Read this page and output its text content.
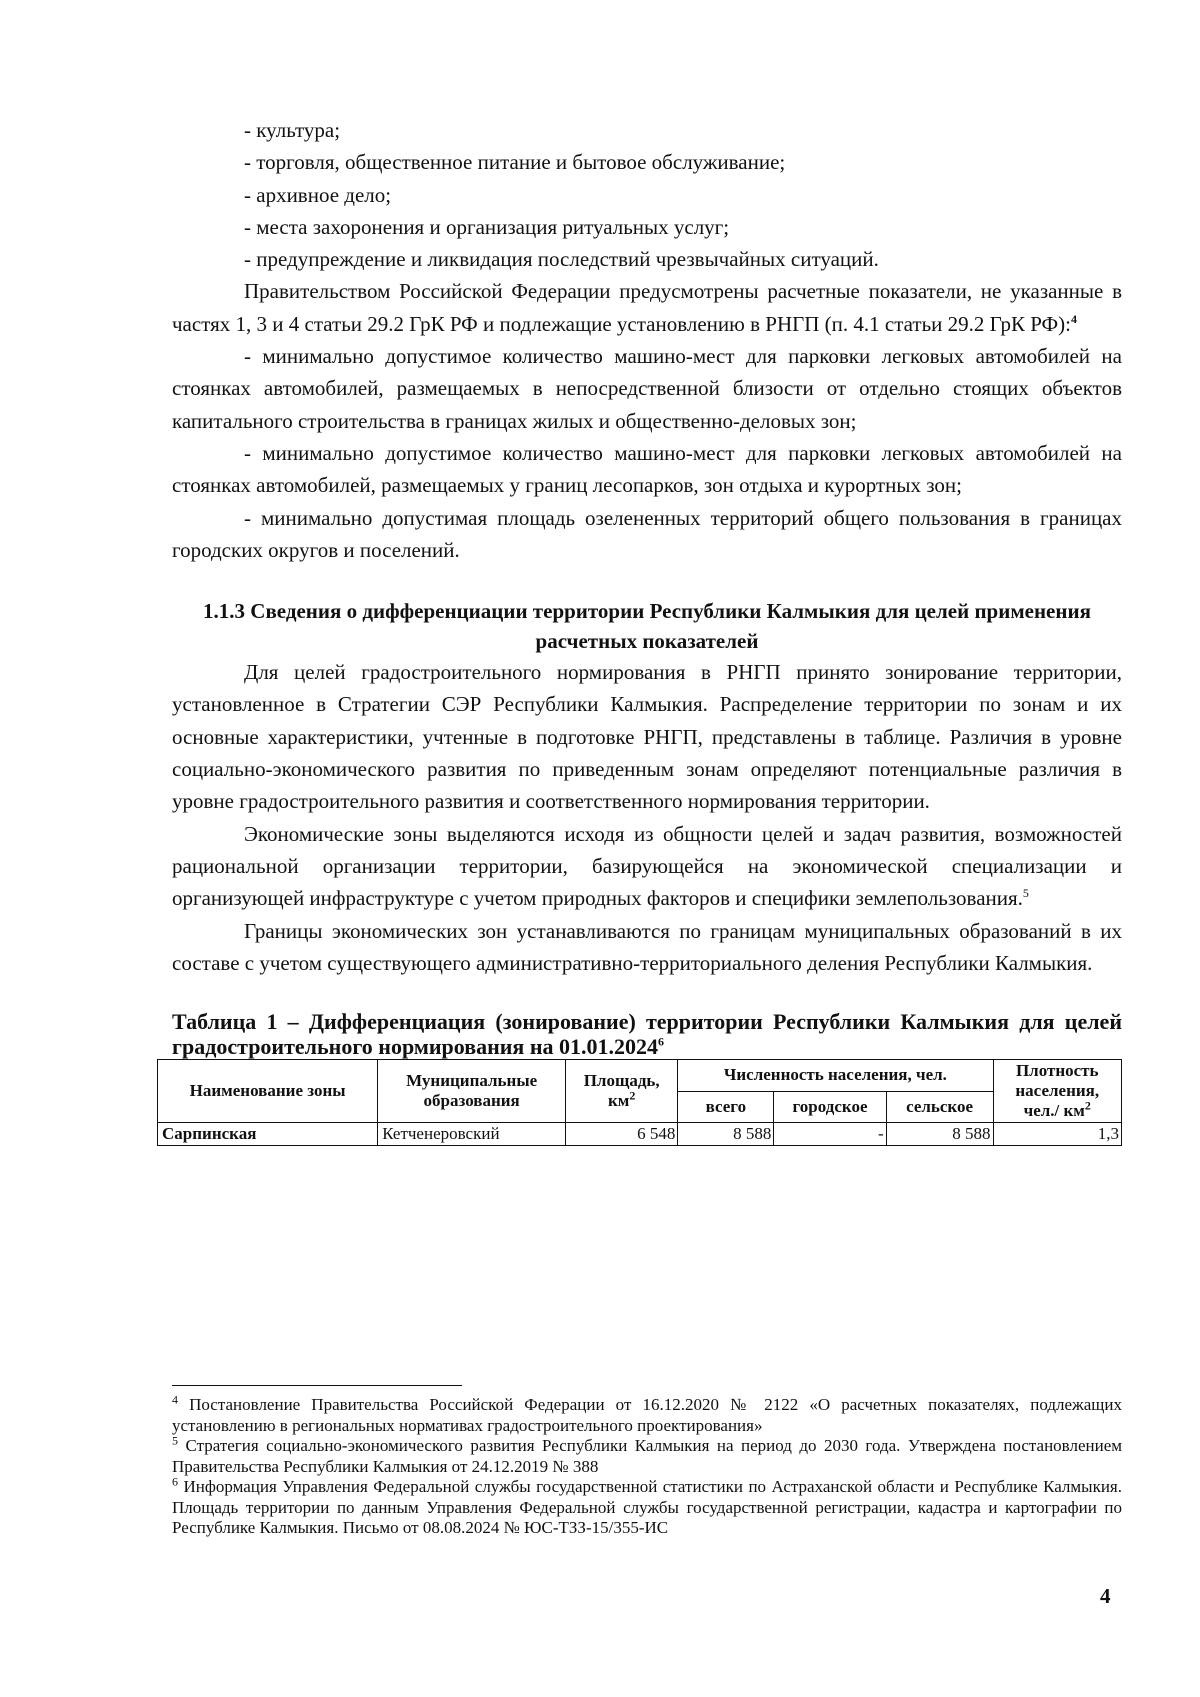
- культура;

- торговля, общественное питание и бытовое обслуживание;

- архивное дело;

- места захоронения и организация ритуальных услуг;

- предупреждение и ликвидация последствий чрезвычайных ситуаций.

Правительством Российской Федерации предусмотрены расчетные показатели, не указанные в частях 1, 3 и 4 статьи 29.2 ГрК РФ и подлежащие установлению в РНГП (п. 4.1 статьи 29.2 ГрК РФ):$^4$

- минимально допустимое количество машино-мест для парковки легковых автомобилей на стоянках автомобилей, размещаемых в непосредственной близости от отдельно стоящих объектов капитального строительства в границах жилых и общественно-деловых зон;

- минимально допустимое количество машино-мест для парковки легковых автомобилей на стоянках автомобилей, размещаемых у границ лесопарков, зон отдыха и курортных зон;

- минимально допустимая площадь озелененных территорий общего пользования в границах городских округов и поселений.

1.1.3 Сведения о дифференциации территории Республики Калмыкия для целей применения расчетных показателей

Для целей градостроительного нормирования в РНГП принято зонирование территории, установленное в Стратегии СЭР Республики Калмыкия. Распределение территории по зонам и их основные характеристики, учтенные в подготовке РНГП, представлены в таблице. Различия в уровне социально-экономического развития по приведенным зонам определяют потенциальные различия в уровне градостроительного развития и соответственного нормирования территории.

Экономические зоны выделяются исходя из общности целей и задач развития, возможностей рациональной организации территории, базирующейся на экономической специализации и организующей инфраструктуре с учетом природных факторов и специфики землепользования.$^5$

Границы экономических зон устанавливаются по границам муниципальных образований в их составе с учетом существующего административно-территориального деления Республики Калмыкия.

Таблица 1 – Дифференциация (зонирование) территории Республики Калмыкия для целей градостроительного нормирования на 01.01.2024$^6$

Наименование зоны	Муниципальные образования	Площадь, $км^2$	Численность населения, чел.			Плотность населения, чел./ $км^2$
			всего	городское	сельское	
Сарпинская	Кетченеровский	6 548	8 588	-	8 588	1,3

$^4$ Постановление Правительства Российской Федерации от 16.12.2020 № 2122 «О расчетных показателях, подлежащих установлению в региональных нормативах градостроительного проектирования»

$^5$ Стратегия социально-экономического развития Республики Калмыкия на период до 2030 года. Утверждена постановлением Правительства Республики Калмыкия от 24.12.2019 № 388

$^6$ Информация Управления Федеральной службы государственной статистики по Астраханской области и Республике Калмыкия. Площадь территории по данным Управления Федеральной службы государственной регистрации, кадастра и картографии по Республике Калмыкия. Письмо от 08.08.2024 № ЮС-ТЗЗ-15/355-ИС

4
